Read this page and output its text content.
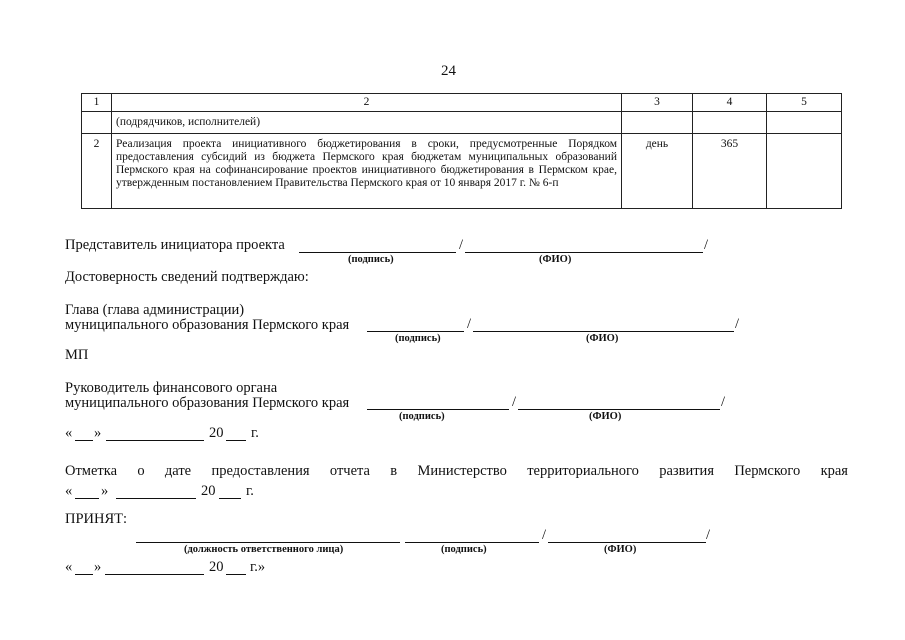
24
1	2	3	4	5
	(подрядчиков, исполнителей)			
2	Реализация проекта инициативного бюджетирования в сроки, предусмотренные Порядком предоставления субсидий из бюджета Пермского края бюджетам муниципальных образований Пермского края на софинансирование проектов инициативного бюджетирования в Пермском крае, утвержденным постановлением Правительства Пермского края от 10 января 2017 г. № 6-п	день	365	
Представитель инициатора проекта	/	/
(подпись)	(ФИО)
Достоверность сведений подтверждаю:
Глава (глава администрации)
муниципального образования Пермского края	/	/
(подпись)	(ФИО)
МП
Руководитель финансового органа
муниципального образования Пермского края	/	/
(подпись)	(ФИО)
« »	20 г.
Отметка о дате предоставления отчета в Министерство территориального развития Пермского края
« »	20 г.
ПРИНЯТ:
/	/
(должность ответственного лица)	(подпись)	(ФИО)
« »	20 г.»
